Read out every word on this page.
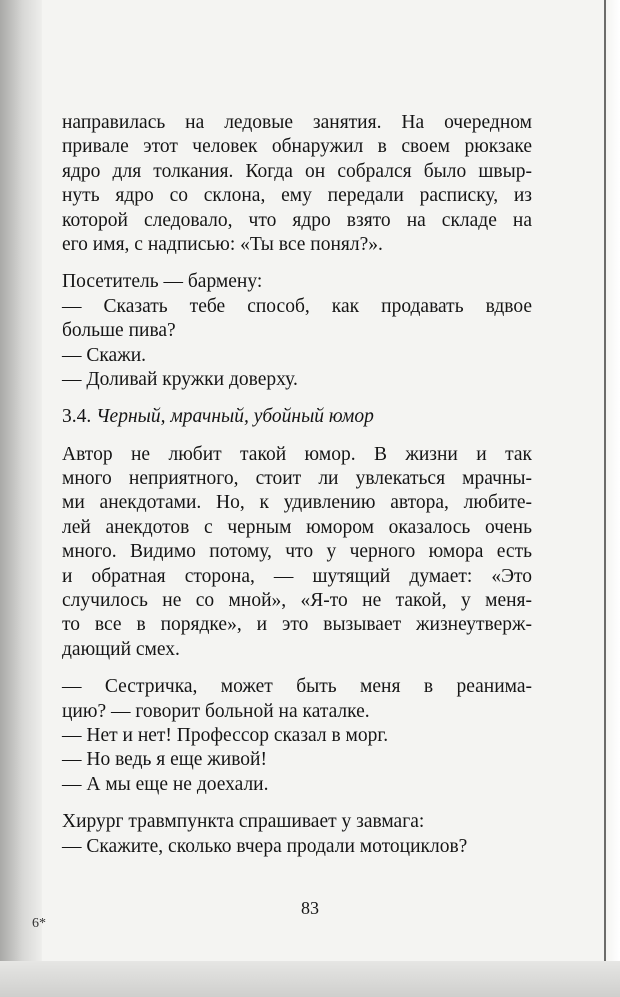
направилась на ледовые занятия. На очередном
привале этот человек обнаружил в своем рюкзаке
ядро для толкания. Когда он собрался было швыр-
нуть ядро со склона, ему передали расписку, из
которой следовало, что ядро взято на складе на
его имя, с надписью: «Ты все понял?».
Посетитель — бармену:
— Сказать тебе способ, как продавать вдвое
больше пива?
— Скажи.
— Доливай кружки доверху.
3.4. Черный, мрачный, убойный юмор
Автор не любит такой юмор. В жизни и так
много неприятного, стоит ли увлекаться мрачны-
ми анекдотами. Но, к удивлению автора, любите-
лей анекдотов с черным юмором оказалось очень
много. Видимо потому, что у черного юмора есть
и обратная сторона, — шутящий думает: «Это
случилось не со мной», «Я-то не такой, у меня-
то все в порядке», и это вызывает жизнеутверж-
дающий смех.
— Сестричка, может быть меня в реанима-
цию? — говорит больной на каталке.
— Нет и нет! Профессор сказал в морг.
— Но ведь я еще живой!
— А мы еще не доехали.
Хирург травмпункта спрашивает у завмага:
— Скажите, сколько вчера продали мотоциклов?
83
6*
